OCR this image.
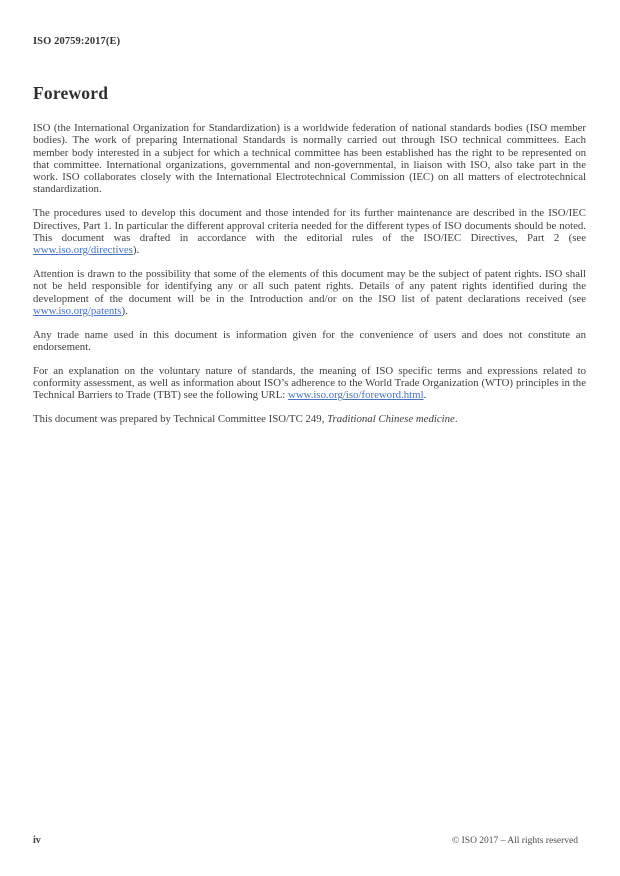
ISO 20759:2017(E)
Foreword

ISO (the International Organization for Standardization) is a worldwide federation of national standards bodies (ISO member bodies). The work of preparing International Standards is normally carried out through ISO technical committees. Each member body interested in a subject for which a technical committee has been established has the right to be represented on that committee. International organizations, governmental and non-governmental, in liaison with ISO, also take part in the work. ISO collaborates closely with the International Electrotechnical Commission (IEC) on all matters of electrotechnical standardization.

The procedures used to develop this document and those intended for its further maintenance are described in the ISO/IEC Directives, Part 1. In particular the different approval criteria needed for the different types of ISO documents should be noted. This document was drafted in accordance with the editorial rules of the ISO/IEC Directives, Part 2 (see www.iso.org/directives).

Attention is drawn to the possibility that some of the elements of this document may be the subject of patent rights. ISO shall not be held responsible for identifying any or all such patent rights. Details of any patent rights identified during the development of the document will be in the Introduction and/or on the ISO list of patent declarations received (see www.iso.org/patents).

Any trade name used in this document is information given for the convenience of users and does not constitute an endorsement.

For an explanation on the voluntary nature of standards, the meaning of ISO specific terms and expressions related to conformity assessment, as well as information about ISO’s adherence to the World Trade Organization (WTO) principles in the Technical Barriers to Trade (TBT) see the following URL: www.iso.org/iso/foreword.html.

This document was prepared by Technical Committee ISO/TC 249, Traditional Chinese medicine.

iv	© ISO 2017 – All rights reserved
